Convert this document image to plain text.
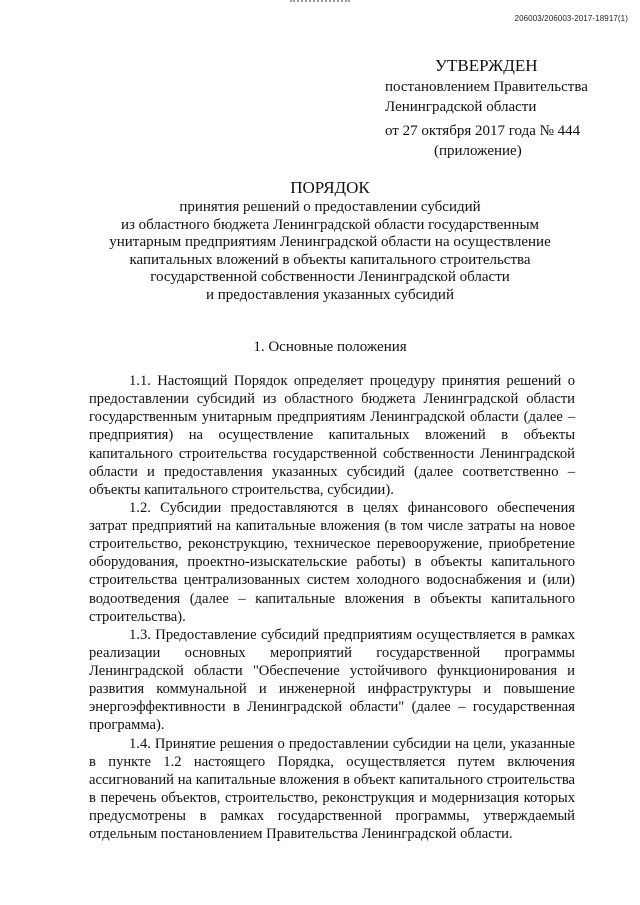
206003/206003-2017-18917(1)
УТВЕРЖДЕН
постановлением Правительства
Ленинградской области
от 27 октября 2017 года № 444
(приложение)
ПОРЯДОК
принятия решений о предоставлении субсидий
из областного бюджета Ленинградской области государственным
унитарным предприятиям Ленинградской области на осуществление
капитальных вложений в объекты капитального строительства
государственной собственности Ленинградской области
и предоставления указанных субсидий
1. Основные положения

1.1. Настоящий Порядок определяет процедуру принятия решений о предоставлении субсидий из областного бюджета Ленинградской области государственным унитарным предприятиям Ленинградской области (далее – предприятия) на осуществление капитальных вложений в объекты капитального строительства государственной собственности Ленинградской области и предоставления указанных субсидий (далее соответственно – объекты капитального строительства, субсидии).

1.2. Субсидии предоставляются в целях финансового обеспечения затрат предприятий на капитальные вложения (в том числе затраты на новое строительство, реконструкцию, техническое перевооружение, приобретение оборудования, проектно-изыскательские работы) в объекты капитального строительства централизованных систем холодного водоснабжения и (или) водоотведения (далее – капитальные вложения в объекты капитального строительства).

1.3. Предоставление субсидий предприятиям осуществляется в рамках реализации основных мероприятий государственной программы Ленинградской области "Обеспечение устойчивого функционирования и развития коммунальной и инженерной инфраструктуры и повышение энергоэффективности в Ленинградской области" (далее – государственная программа).

1.4. Принятие решения о предоставлении субсидии на цели, указанные в пункте 1.2 настоящего Порядка, осуществляется путем включения ассигнований на капитальные вложения в объект капитального строительства в перечень объектов, строительство, реконструкция и модернизация которых предусмотрены в рамках государственной программы, утверждаемый отдельным постановлением Правительства Ленинградской области.
